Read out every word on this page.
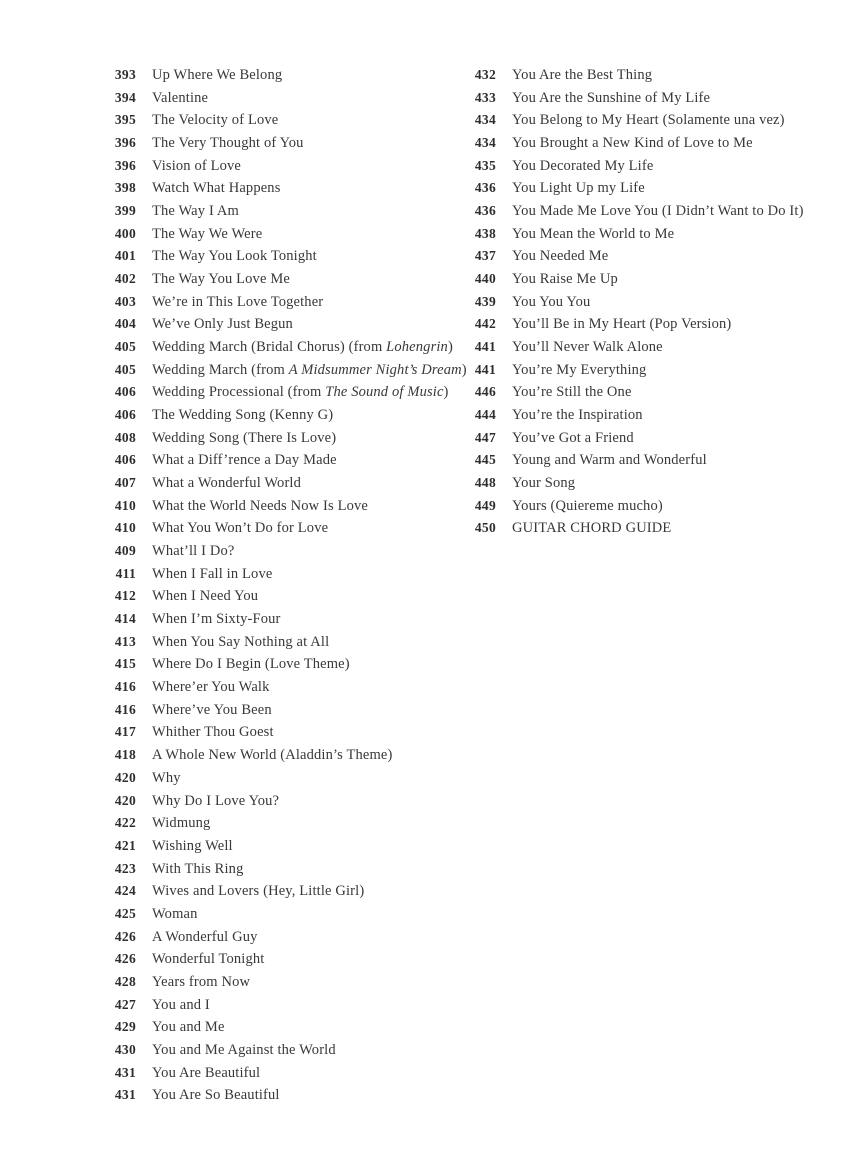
393	Up Where We Belong
394	Valentine
395	The Velocity of Love
396	The Very Thought of You
396	Vision of Love
398	Watch What Happens
399	The Way I Am
400	The Way We Were
401	The Way You Look Tonight
402	The Way You Love Me
403	We’re in This Love Together
404	We’ve Only Just Begun
405	Wedding March (Bridal Chorus) (from Lohengrin)
405	Wedding March (from A Midsummer Night’s Dream)
406	Wedding Processional (from The Sound of Music)
406	The Wedding Song (Kenny G)
408	Wedding Song (There Is Love)
406	What a Diff’rence a Day Made
407	What a Wonderful World
410	What the World Needs Now Is Love
410	What You Won’t Do for Love
409	What’ll I Do?
411	When I Fall in Love
412	When I Need You
414	When I’m Sixty-Four
413	When You Say Nothing at All
415	Where Do I Begin (Love Theme)
416	Where’er You Walk
416	Where’ve You Been
417	Whither Thou Goest
418	A Whole New World (Aladdin’s Theme)
420	Why
420	Why Do I Love You?
422	Widmung
421	Wishing Well
423	With This Ring
424	Wives and Lovers (Hey, Little Girl)
425	Woman
426	A Wonderful Guy
426	Wonderful Tonight
428	Years from Now
427	You and I
429	You and Me
430	You and Me Against the World
431	You Are Beautiful
431	You Are So Beautiful
432	You Are the Best Thing
433	You Are the Sunshine of My Life
434	You Belong to My Heart (Solamente una vez)
434	You Brought a New Kind of Love to Me
435	You Decorated My Life
436	You Light Up my Life
436	You Made Me Love You (I Didn’t Want to Do It)
438	You Mean the World to Me
437	You Needed Me
440	You Raise Me Up
439	You You You
442	You’ll Be in My Heart (Pop Version)
441	You’ll Never Walk Alone
441	You’re My Everything
446	You’re Still the One
444	You’re the Inspiration
447	You’ve Got a Friend
445	Young and Warm and Wonderful
448	Your Song
449	Yours (Quiereme mucho)
450	GUITAR CHORD GUIDE
